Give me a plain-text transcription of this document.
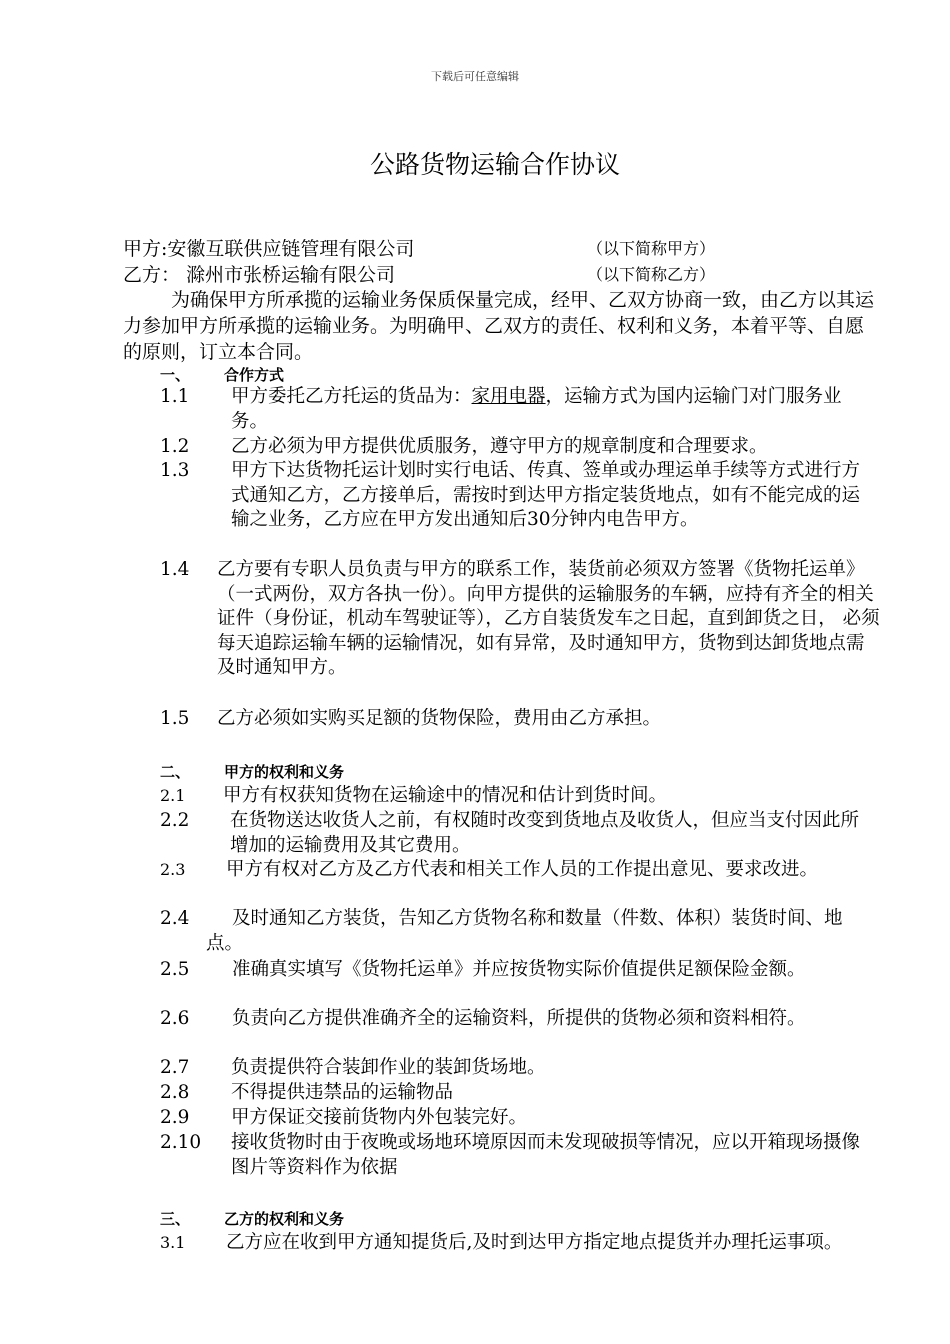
下载后可任意编辑
公路货物运输合作协议
甲方:安徽互联供应链管理有限公司	（以下简称甲方）
乙方： 滁州市张桥运输有限公司	（以下简称乙方）
为确保甲方所承揽的运输业务保质保量完成，经甲、乙双方协商一致，由乙方以其运力参加甲方所承揽的运输业务。为明确甲、乙双方的责任、权利和义务，本着平等、自愿的原则，订立本合同。
一、 合作方式
1.1 甲方委托乙方托运的货品为：家用电器，运输方式为国内运输门对门服务业务。
1.2 乙方必须为甲方提供优质服务，遵守甲方的规章制度和合理要求。
1.3 甲方下达货物托运计划时实行电话、传真、签单或办理运单手续等方式进行方式通知乙方，乙方接单后，需按时到达甲方指定装货地点，如有不能完成的运输之业务，乙方应在甲方发出通知后30分钟内电告甲方。
1.4 乙方要有专职人员负责与甲方的联系工作，装货前必须双方签署《货物托运单》（一式两份，双方各执一份）。向甲方提供的运输服务的车辆，应持有齐全的相关证件（身份证，机动车驾驶证等），乙方自装货发车之日起，直到卸货之日， 必须每天追踪运输车辆的运输情况，如有异常，及时通知甲方，货物到达卸货地点需及时通知甲方。
1.5 乙方必须如实购买足额的货物保险，费用由乙方承担。
二、 甲方的权利和义务
2.1 甲方有权获知货物在运输途中的情况和估计到货时间。
2.2 在货物送达收货人之前，有权随时改变到货地点及收货人，但应当支付因此所增加的运输费用及其它费用。
2.3	甲方有权对乙方及乙方代表和相关工作人员的工作提出意见、要求改进。
2.4	及时通知乙方装货，告知乙方货物名称和数量（件数、体积）装货时间、地点。
2.5	准确真实填写《货物托运单》并应按货物实际价值提供足额保险金额。
2.6	负责向乙方提供准确齐全的运输资料，所提供的货物必须和资料相符。
2.7 负责提供符合装卸作业的装卸货场地。
2.8 不得提供违禁品的运输物品
2.9 甲方保证交接前货物内外包装完好。
2.10 接收货物时由于夜晚或场地环境原因而未发现破损等情况，应以开箱现场摄像图片等资料作为依据
三、 乙方的权利和义务
3.1	乙方应在收到甲方通知提货后,及时到达甲方指定地点提货并办理托运事项。
